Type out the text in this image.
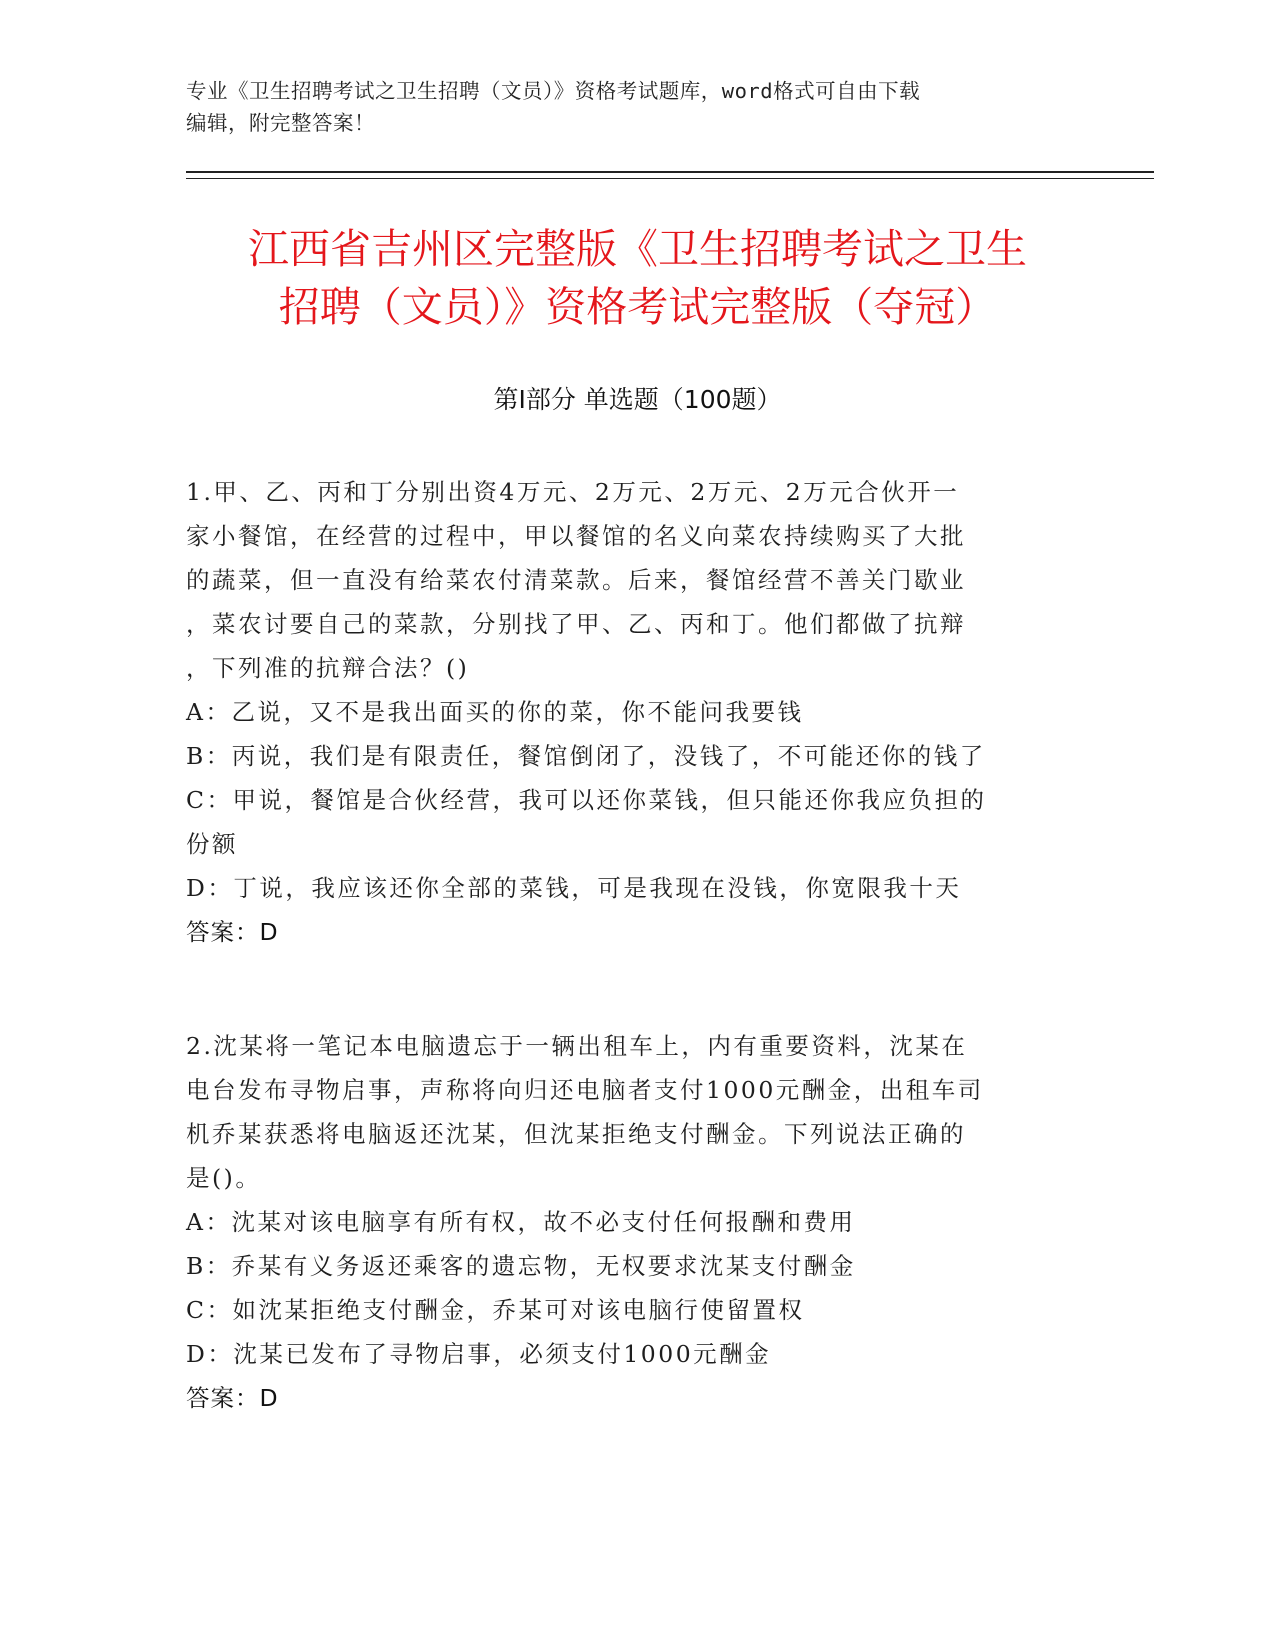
专业《卫生招聘考试之卫生招聘（文员）》资格考试题库，word格式可自由下载

编辑，附完整答案！

江西省吉州区完整版《卫生招聘考试之卫生
招聘（文员）》资格考试完整版（夺冠）
第Ⅰ部分 单选题（100题）
1.甲、乙、丙和丁分别出资4万元、2万元、2万元、2万元合伙开一
家小餐馆，在经营的过程中，甲以餐馆的名义向菜农持续购买了大批
的蔬菜，但一直没有给菜农付清菜款。后来，餐馆经营不善关门歇业
，菜农讨要自己的菜款，分别找了甲、乙、丙和丁。他们都做了抗辩
，下列准的抗辩合法？()
A：乙说，又不是我出面买的你的菜，你不能问我要钱
B：丙说，我们是有限责任，餐馆倒闭了，没钱了，不可能还你的钱了
C：甲说，餐馆是合伙经营，我可以还你菜钱，但只能还你我应负担的
份额
D：丁说，我应该还你全部的菜钱，可是我现在没钱，你宽限我十天
答案：D
2.沈某将一笔记本电脑遗忘于一辆出租车上，内有重要资料，沈某在
电台发布寻物启事，声称将向归还电脑者支付1000元酬金，出租车司
机乔某获悉将电脑返还沈某，但沈某拒绝支付酬金。下列说法正确的
是()。
A：沈某对该电脑享有所有权，故不必支付任何报酬和费用
B：乔某有义务返还乘客的遗忘物，无权要求沈某支付酬金
C：如沈某拒绝支付酬金，乔某可对该电脑行使留置权
D：沈某已发布了寻物启事，必须支付1000元酬金
答案：D
